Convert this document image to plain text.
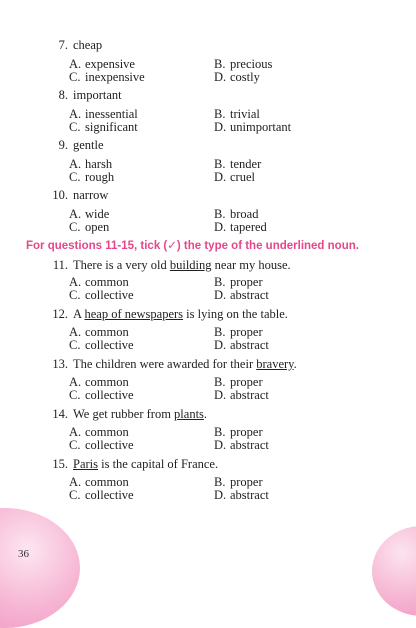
7. cheap
A. expensive	B. precious
C. inexpensive	D. costly
8. important
A. inessential	B. trivial
C. significant	D. unimportant
9. gentle
A. harsh	B. tender
C. rough	D. cruel
10. narrow
A. wide	B. broad
C. open	D. tapered
For questions 11-15, tick (✓) the type of the underlined noun.
11. There is a very old building near my house.
A. common	B. proper
C. collective	D. abstract
12. A heap of newspapers is lying on the table.
A. common	B. proper
C. collective	D. abstract
13. The children were awarded for their bravery.
A. common	B. proper
C. collective	D. abstract
14. We get rubber from plants.
A. common	B. proper
C. collective	D. abstract
15. Paris is the capital of France.
A. common	B. proper
C. collective	D. abstract
36
